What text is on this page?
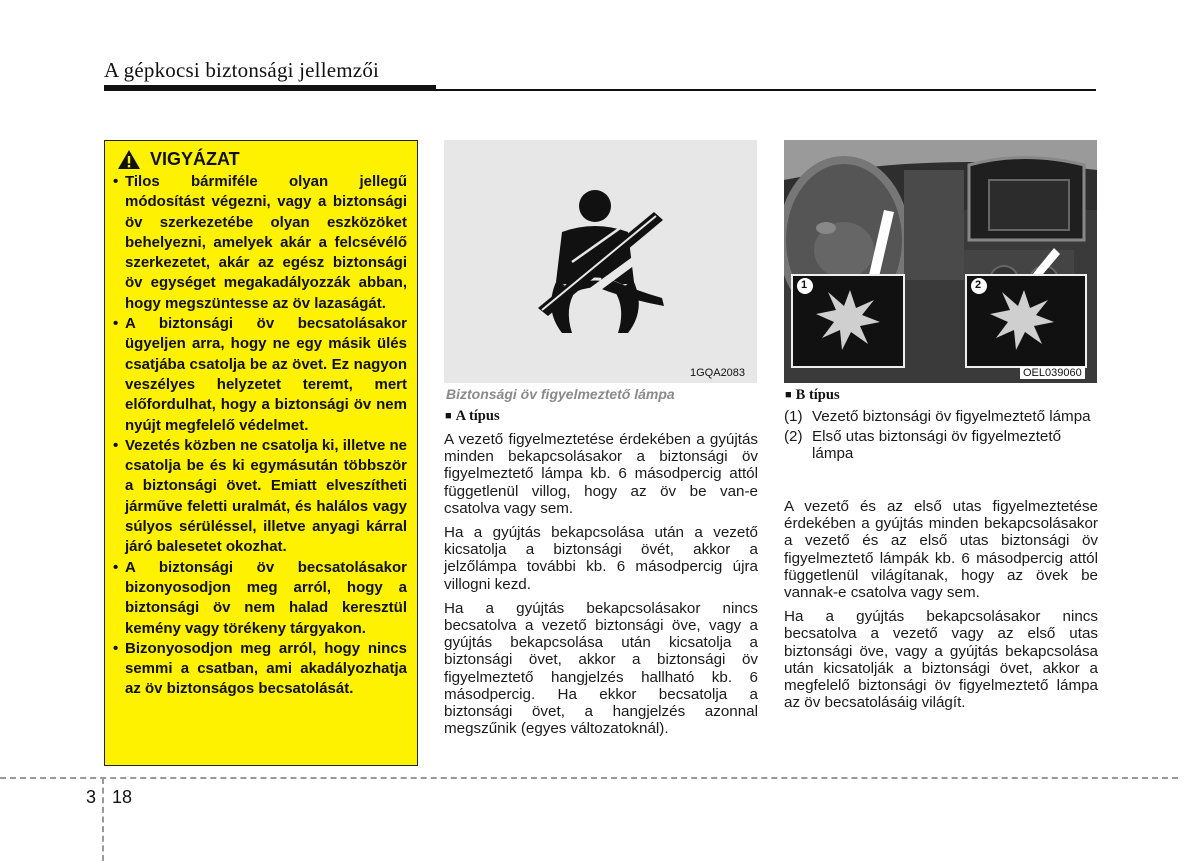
A gépkocsi biztonsági jellemzői
VIGYÁZAT
• Tilos bármiféle olyan jellegű módosítást végezni, vagy a biztonsági öv szerkezetébe olyan eszközöket behelyezni, amelyek akár a felcsévélő szerkezetet, akár az egész biztonsági öv egységet megakadályozzák abban, hogy megszüntesse az öv lazaságát.
• A biztonsági öv becsatolásakor ügyeljen arra, hogy ne egy másik ülés csatjába csatolja be az övet. Ez nagyon veszélyes helyzetet teremt, mert előfordulhat, hogy a biztonsági öv nem nyújt megfelelő védelmet.
• Vezetés közben ne csatolja ki, illetve ne csatolja be és ki egymásután többször a biztonsági övet. Emiatt elveszítheti járműve feletti uralmát, és halálos vagy súlyos sérüléssel, illetve anyagi kárral járó balesetet okozhat.
• A biztonsági öv becsatolásakor bizonyosodjon meg arról, hogy a biztonsági öv nem halad keresztül kemény vagy törékeny tárgyakon.
• Bizonyosodjon meg arról, hogy nincs semmi a csatban, ami akadályozhatja az öv biztonságos becsatolását.
1GQA2083
Biztonsági öv figyelmeztető lámpa
1	2
OEL039060
■ A típus

A vezető figyelmeztetése érdekében a gyújtás minden bekapcsolásakor a biztonsági öv figyelmeztető lámpa kb. 6 másodpercig attól függetlenül villog, hogy az öv be van-e csatolva vagy sem.

Ha a gyújtás bekapcsolása után a vezető kicsatolja a biztonsági övét, akkor a jelzőlámpa további kb. 6 másodpercig újra villogni kezd.

Ha a gyújtás bekapcsolásakor nincs becsatolva a vezető biztonsági öve, vagy a gyújtás bekapcsolása után kicsatolja a biztonsági övet, akkor a biztonsági öv figyelmeztető hangjelzés hallható kb. 6 másodpercig. Ha ekkor becsatolja a biztonsági övet, a hangjelzés azonnal megszűnik (egyes változatoknál).

■ B típus
(1) Vezető biztonsági öv figyelmeztető lámpa
(2) Első utas biztonsági öv figyelmeztető lámpa

A vezető és az első utas figyelmeztetése érdekében a gyújtás minden bekapcsolásakor a vezető és az első utas biztonsági öv figyelmeztető lámpák kb. 6 másodpercig attól függetlenül világítanak, hogy az övek be vannak-e csatolva vagy sem.

Ha a gyújtás bekapcsolásakor nincs becsatolva a vezető vagy az első utas biztonsági öve, vagy a gyújtás bekapcsolása után kicsatolják a biztonsági övet, akkor a megfelelő biztonsági öv figyelmeztető lámpa az öv becsatolásáig világít.

3 18
